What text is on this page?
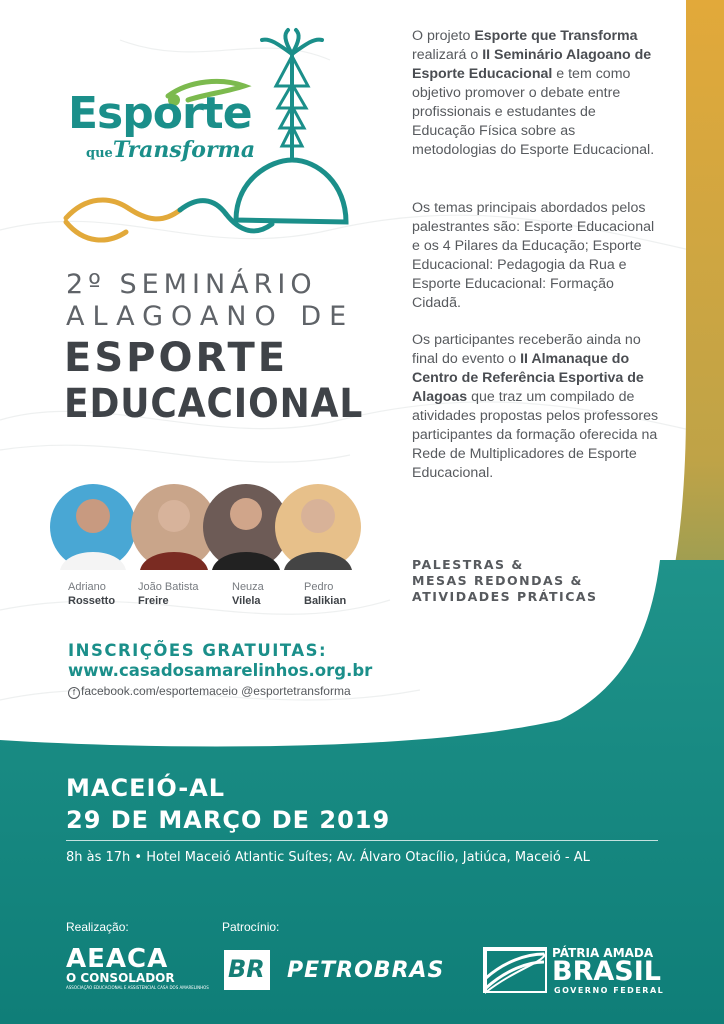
Esporte
queTransforma
2º SEMINÁRIO
ALAGOANO DE
ESPORTE
EDUCACIONAL

O projeto Esporte que Transforma realizará o II Seminário Alagoano de Esporte Educacional e tem como objetivo promover o debate entre profissionais e estudantes de Educação Física sobre as metodologias do Esporte Educacional.

Os temas principais abordados pelos palestrantes são: Esporte Educacional e os 4 Pilares da Educação; Esporte Educacional: Pedagogia da Rua e Esporte Educacional: Formação Cidadã.

Os participantes receberão ainda no final do evento o II Almanaque do Centro de Referência Esportiva de Alagoas que traz um compilado de atividades propostas pelos professores participantes da formação oferecida na Rede de Multiplicadores de Esporte Educacional.

Adriano
Rossetto
João Batista
Freire
Neuza
Vilela
Pedro
Balikian
PALESTRAS &
MESAS REDONDAS &
ATIVIDADES PRÁTICAS
INSCRIÇÕES GRATUITAS:
www.casadosamarelinhos.org.br
f facebook.com/esportemaceio @esportetransforma
MACEIÓ-AL
29 DE MARÇO DE 2019
8h às 17h • Hotel Maceió Atlantic Suítes; Av. Álvaro Otacílio, Jatiúca, Maceió - AL
Realização:	Patrocínio:
AEACA
O CONSOLADOR
ASSOCIAÇÃO EDUCACIONAL E ASSISTENCIAL CASA DOS AMARELINHOS
BR PETROBRAS
PÁTRIA AMADA
BRASIL
GOVERNO FEDERAL
